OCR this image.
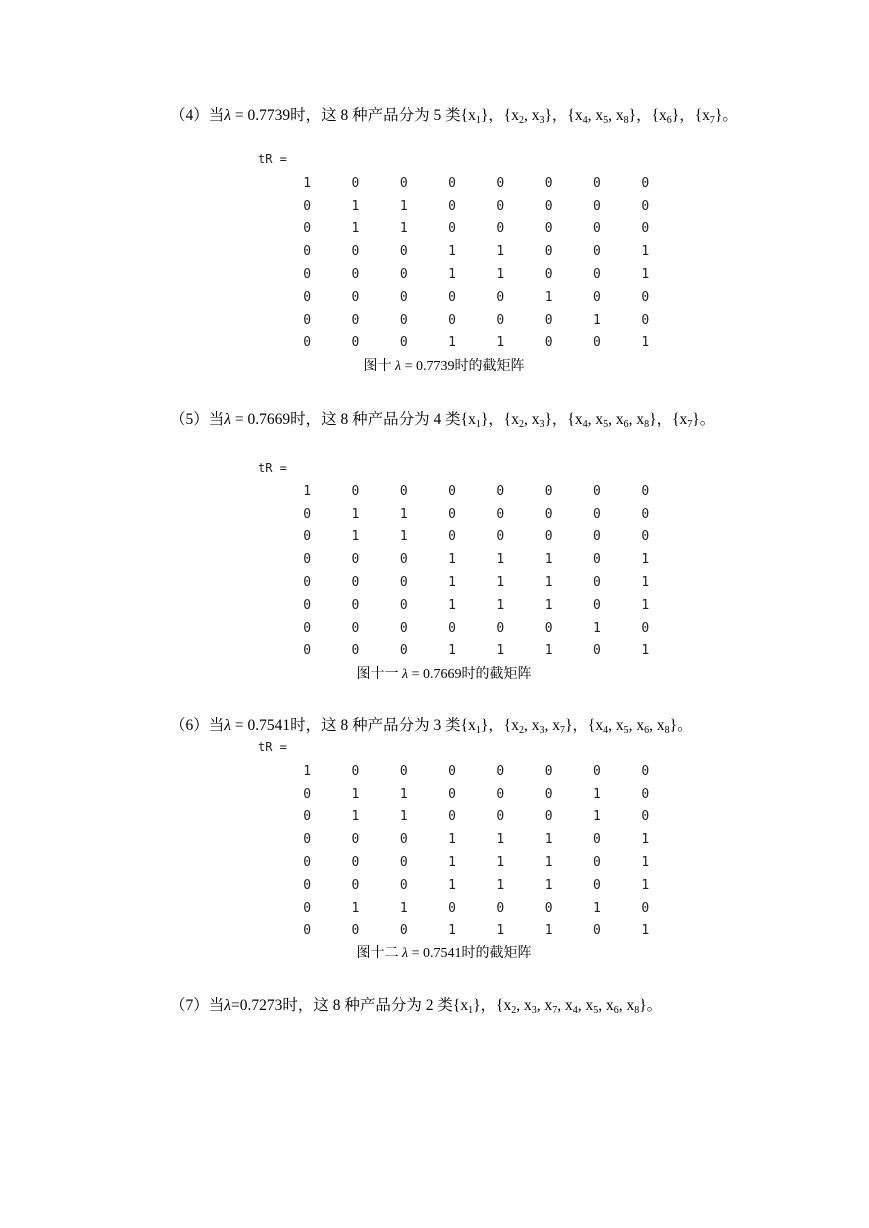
（4）当λ = 0.7739时，这 8 种产品分为 5 类$\{x_1\}$，{$x_2$, $x_3$}，{$x_4$, $x_5$, $x_8$}，$\{x_6\}$，$\{x_7\}$。

tR =
1	0	0	0	0	0	0	0
0	1	1	0	0	0	0	0
0	1	1	0	0	0	0	0
0	0	0	1	1	0	0	1
0	0	0	1	1	0	0	1
0	0	0	0	0	1	0	0
0	0	0	0	0	0	1	0
0	0	0	1	1	0	0	1
图十 λ = 0.7739时的截矩阵

（5）当λ = 0.7669时，这 8 种产品分为 4 类$\{x_1\}$，{$x_2$, $x_3$}，{$x_4$, $x_5$, $x_6$, $x_8$}，$\{x_7\}$。

tR =
1	0	0	0	0	0	0	0
0	1	1	0	0	0	0	0
0	1	1	0	0	0	0	0
0	0	0	1	1	1	0	1
0	0	0	1	1	1	0	1
0	0	0	1	1	1	0	1
0	0	0	0	0	0	1	0
0	0	0	1	1	1	0	1
图十一 λ = 0.7669时的截矩阵

（6）当λ = 0.7541时，这 8 种产品分为 3 类$\{x_1\}$，{$x_2$, $x_3$, $x_7$}，{$x_4$, $x_5$, $x_6$, $x_8$}。

tR =
1	0	0	0	0	0	0	0
0	1	1	0	0	0	1	0
0	1	1	0	0	0	1	0
0	0	0	1	1	1	0	1
0	0	0	1	1	1	0	1
0	0	0	1	1	1	0	1
0	1	1	0	0	0	1	0
0	0	0	1	1	1	0	1
图十二 λ = 0.7541时的截矩阵

（7）当λ=0.7273时，这 8 种产品分为 2 类$\{x_1\}$，{$x_2$, $x_3$, $x_7$, $x_4$, $x_5$, $x_6$, $x_8$}。
